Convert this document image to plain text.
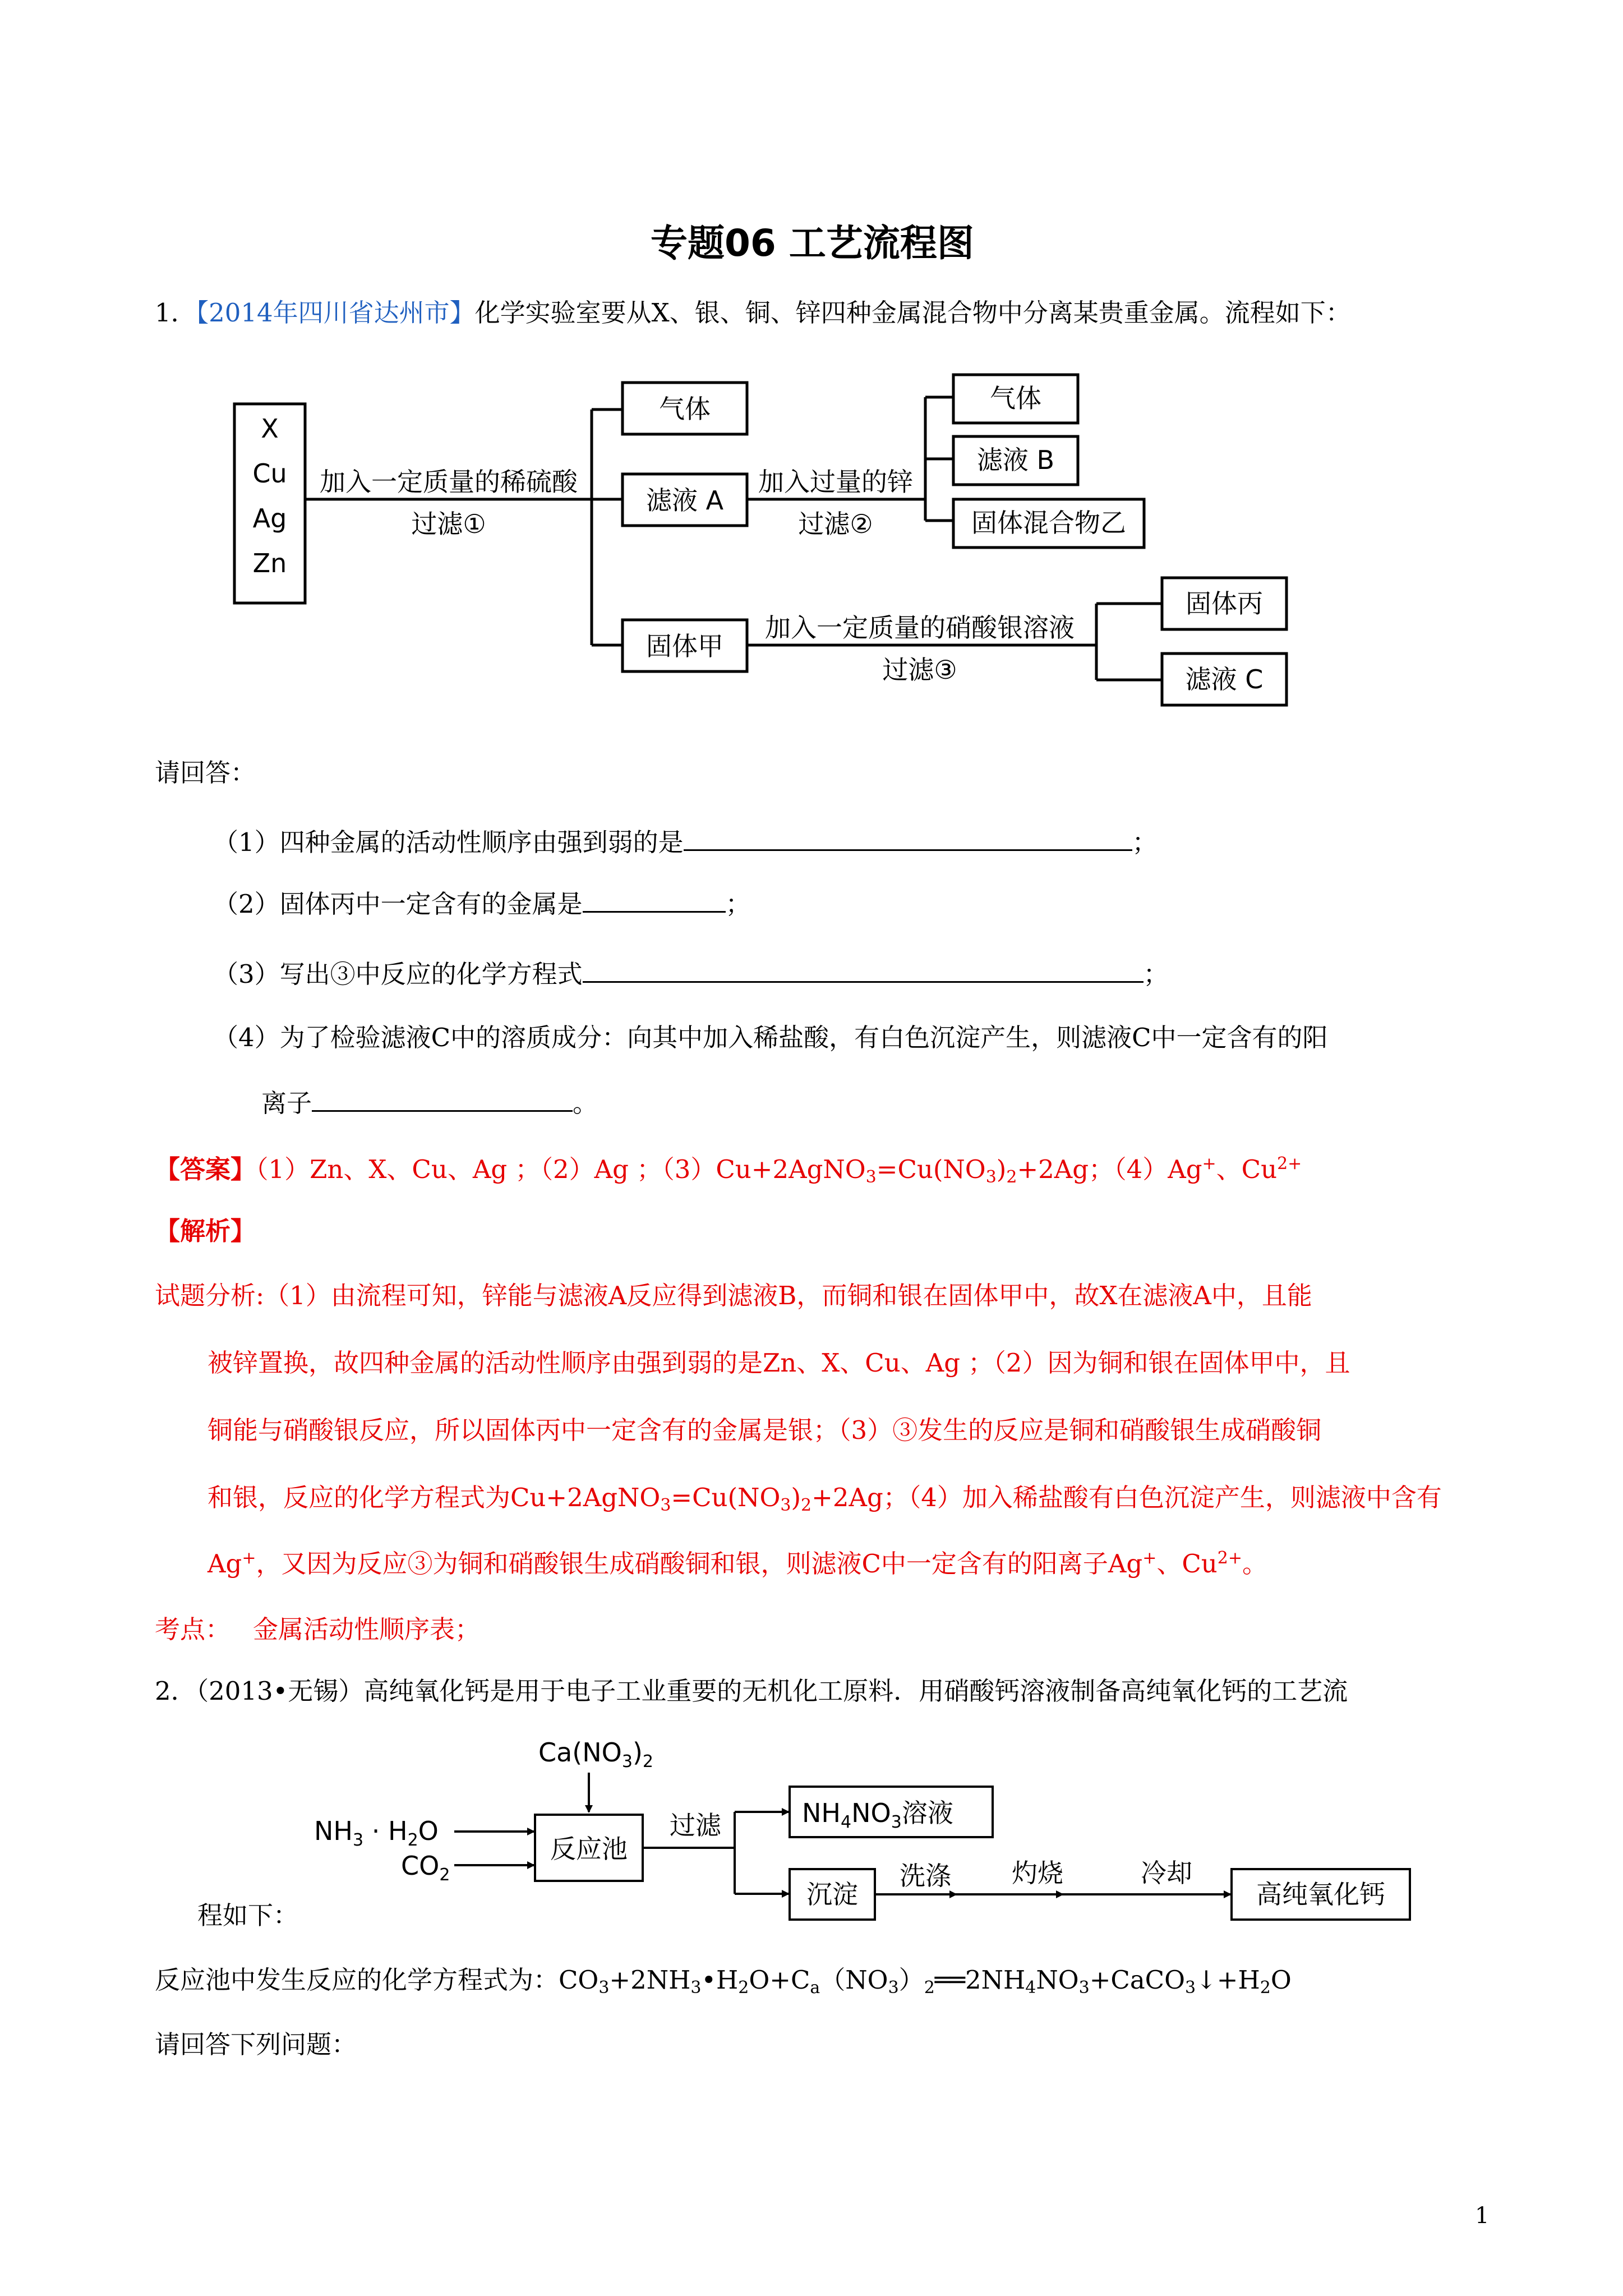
专题06 工艺流程图
1．【2014年四川省达州市】化学实验室要从X、银、铜、锌四种金属混合物中分离某贵重金属。流程如下：
X
Cu
Ag
Zn
加入一定质量的稀硫酸
过滤①
气体
滤液 A
固体甲
加入过量的锌
过滤②
气体
滤液 B
固体混合物乙
加入一定质量的硝酸银溶液
过滤③
固体丙
滤液 C
请回答：
（1）四种金属的活动性顺序由强到弱的是	；
（2）固体丙中一定含有的金属是	；
（3）写出③中反应的化学方程式	；
（4）为了检验滤液C中的溶质成分：向其中加入稀盐酸，有白色沉淀产生，则滤液C中一定含有的阳
离子	。
【答案】（1）Zn、X、Cu、Ag ；（2）Ag ；$(3)Cu+2AgNO_3=Cu(NO_3)_2+2Ag$；（4）Ag+、$Cu^{2+}$
【解析】
试题分析:（1）由流程可知，锌能与滤液A反应得到滤液B，而铜和银在固体甲中，故X在滤液A中，且能
被锌置换，故四种金属的活动性顺序由强到弱的是Zn、X、Cu、Ag ；（2）因为铜和银在固体甲中，且
铜能与硝酸银反应，所以固体丙中一定含有的金属是银；（3）③发生的反应是铜和硝酸银生成硝酸铜
和银，反应的化学方程式为$Cu+2AgNO_3=Cu(NO_3)_2+2Ag$；（4）加入稀盐酸有白色沉淀产生，则滤液中含有
Ag+，又因为反应③为铜和硝酸银生成硝酸铜和银，则滤液C中一定含有的阳离子Ag+、$Cu^{2+}$。
考点： 金属活动性顺序表；
2．（2013•无锡）高纯氧化钙是用于电子工业重要的无机化工原料．用硝酸钙溶液制备高纯氧化钙的工艺流
$Ca(NO_3)_2$
$NH_3 \cdot H_2O$
$CO_2$
反应池
过滤	$NH_4NO_3$溶液
沉淀
洗涤 灼烧	冷却
高纯氧化钙
程如下：
反应池中发生反应的化学方程式为：$CO_3+2NH_3•H_2O+C_a(NO_3)_2══2NH_4NO_3+CaCO_3↓+H_2O$
请回答下列问题：
1
